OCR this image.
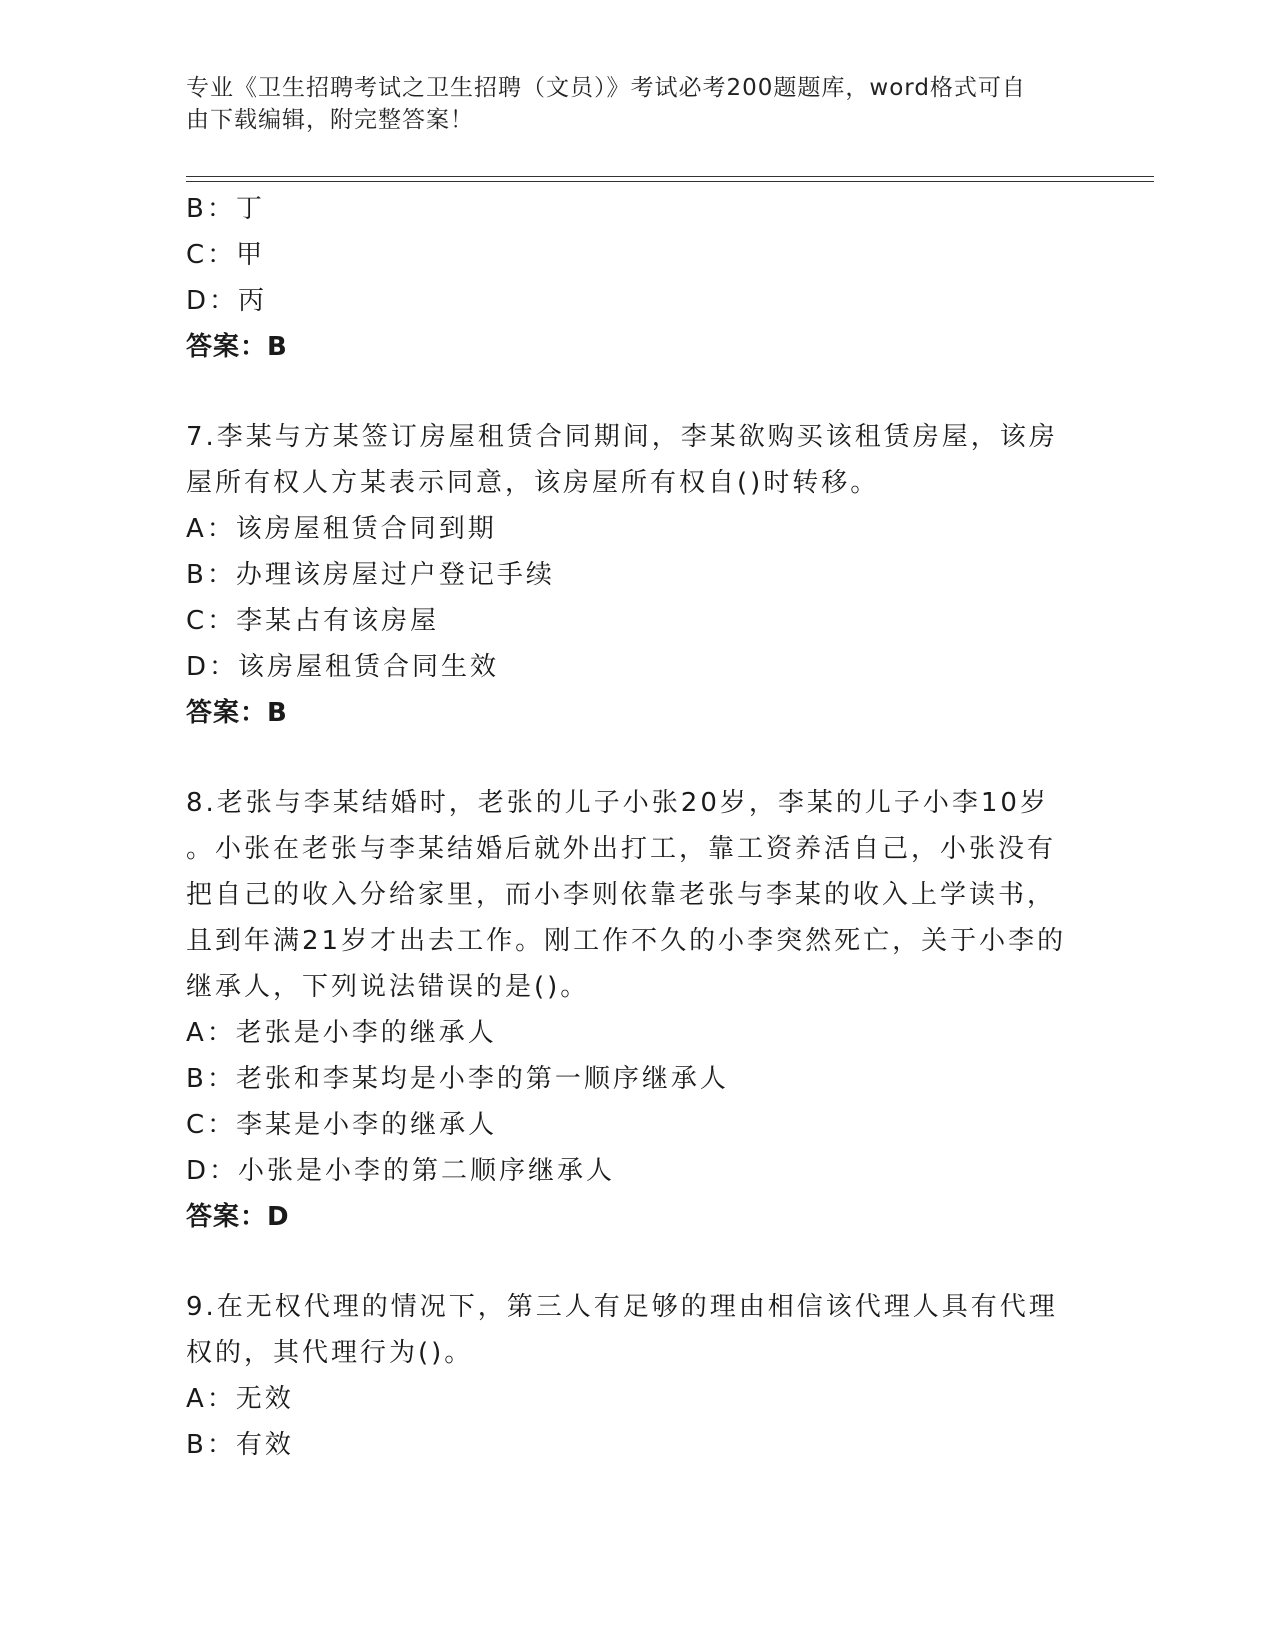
专业《卫生招聘考试之卫生招聘（文员）》考试必考200题题库，word格式可自
由下载编辑，附完整答案！
B：丁
C：甲
D：丙
答案：B
7.李某与方某签订房屋租赁合同期间，李某欲购买该租赁房屋，该房
屋所有权人方某表示同意，该房屋所有权自()时转移。
A：该房屋租赁合同到期
B：办理该房屋过户登记手续
C：李某占有该房屋
D：该房屋租赁合同生效
答案：B
8.老张与李某结婚时，老张的儿子小张20岁，李某的儿子小李10岁
。小张在老张与李某结婚后就外出打工，靠工资养活自己，小张没有
把自己的收入分给家里，而小李则依靠老张与李某的收入上学读书，
且到年满21岁才出去工作。刚工作不久的小李突然死亡，关于小李的
继承人，下列说法错误的是()。
A：老张是小李的继承人
B：老张和李某均是小李的第一顺序继承人
C：李某是小李的继承人
D：小张是小李的第二顺序继承人
答案：D
9.在无权代理的情况下，第三人有足够的理由相信该代理人具有代理
权的，其代理行为()。
A：无效
B：有效
